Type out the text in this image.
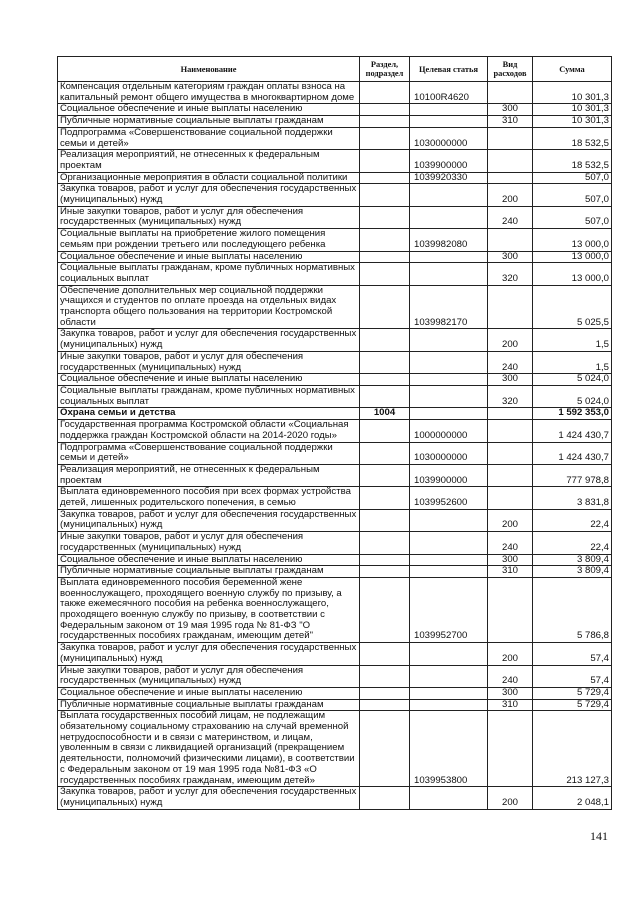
Наименование	Раздел, подраздел	Целевая статья	Вид расходов	Сумма
Компенсация отдельным категориям граждан оплаты взноса на капитальный ремонт общего имущества в многоквартирном доме		10100R4620		10 301,3
Социальное обеспечение и иные выплаты населению			300	10 301,3
Публичные нормативные социальные выплаты гражданам			310	10 301,3
Подпрограмма «Совершенствование социальной поддержки семьи и детей»		1030000000		18 532,5
Реализация мероприятий, не отнесенных к федеральным проектам		1039900000		18 532,5
Организационные мероприятия в области социальной политики		1039920330		507,0
Закупка товаров, работ и услуг для обеспечения государственных (муниципальных) нужд			200	507,0
Иные закупки товаров, работ и услуг для обеспечения государственных (муниципальных) нужд			240	507,0
Социальные выплаты на приобретение жилого помещения семьям при рождении третьего или последующего ребенка		1039982080		13 000,0
Социальное обеспечение и иные выплаты населению			300	13 000,0
Социальные выплаты гражданам, кроме публичных нормативных социальных выплат			320	13 000,0
Обеспечение дополнительных мер социальной поддержки учащихся и студентов по оплате проезда на отдельных видах транспорта общего пользования на территории Костромской области		1039982170		5 025,5
Закупка товаров, работ и услуг для обеспечения государственных (муниципальных) нужд			200	1,5
Иные закупки товаров, работ и услуг для обеспечения государственных (муниципальных) нужд			240	1,5
Социальное обеспечение и иные выплаты населению			300	5 024,0
Социальные выплаты гражданам, кроме публичных нормативных социальных выплат			320	5 024,0
Охрана семьи и детства	1004			1 592 353,0
Государственная программа Костромской области «Социальная поддержка граждан Костромской области на 2014-2020 годы»		1000000000		1 424 430,7
Подпрограмма «Совершенствование социальной поддержки семьи и детей»		1030000000		1 424 430,7
Реализация мероприятий, не отнесенных к федеральным проектам		1039900000		777 978,8
Выплата единовременного пособия при всех формах устройства детей, лишенных родительского попечения, в семью		1039952600		3 831,8
Закупка товаров, работ и услуг для обеспечения государственных (муниципальных) нужд			200	22,4
Иные закупки товаров, работ и услуг для обеспечения государственных (муниципальных) нужд			240	22,4
Социальное обеспечение и иные выплаты населению			300	3 809,4
Публичные нормативные социальные выплаты гражданам			310	3 809,4
Выплата единовременного пособия беременной жене военнослужащего, проходящего военную службу по призыву, а также ежемесячного пособия на ребенка военнослужащего, проходящего военную службу по призыву, в соответствии с Федеральным законом от 19 мая 1995 года № 81-ФЗ "О государственных пособиях гражданам, имеющим детей"		1039952700		5 786,8
Закупка товаров, работ и услуг для обеспечения государственных (муниципальных) нужд			200	57,4
Иные закупки товаров, работ и услуг для обеспечения государственных (муниципальных) нужд			240	57,4
Социальное обеспечение и иные выплаты населению			300	5 729,4
Публичные нормативные социальные выплаты гражданам			310	5 729,4
Выплата государственных пособий лицам, не подлежащим обязательному социальному страхованию на случай временной нетрудоспособности и в связи с материнством, и лицам, уволенным в связи с ликвидацией организаций (прекращением деятельности, полномочий физическими лицами), в соответствии с Федеральным законом от 19 мая 1995 года №81-ФЗ «О государственных пособиях гражданам, имеющим детей»		1039953800		213 127,3
Закупка товаров, работ и услуг для обеспечения государственных (муниципальных) нужд			200	2 048,1
141
